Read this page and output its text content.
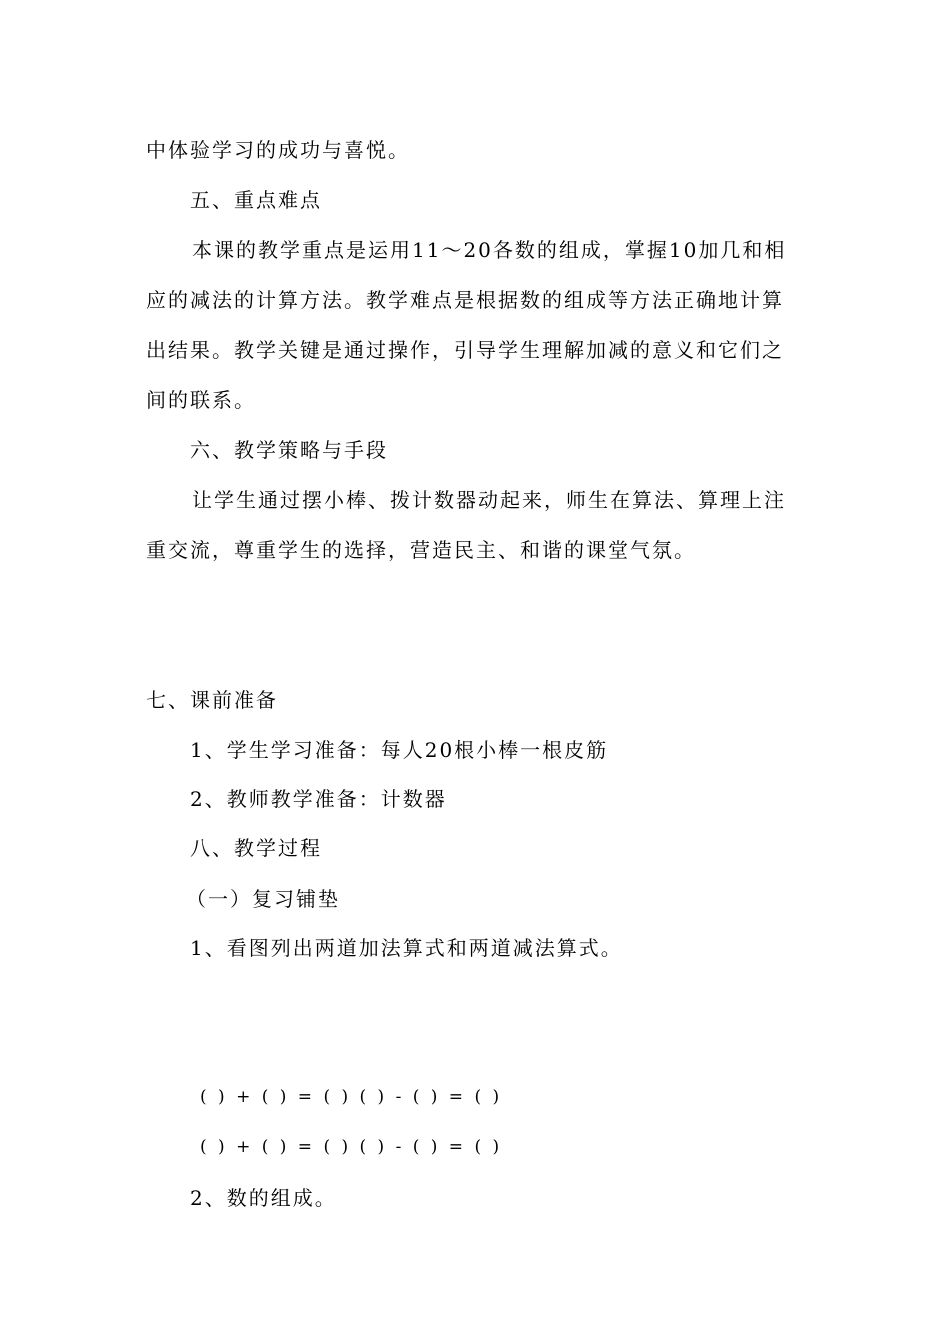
中体验学习的成功与喜悦。
五、重点难点
本课的教学重点是运用11～20各数的组成，掌握10加几和相
应的减法的计算方法。教学难点是根据数的组成等方法正确地计算
出结果。教学关键是通过操作，引导学生理解加减的意义和它们之
间的联系。
六、教学策略与手段
让学生通过摆小棒、拨计数器动起来，师生在算法、算理上注
重交流，尊重学生的选择，营造民主、和谐的课堂气氛。
七、课前准备
1、学生学习准备：每人20根小棒一根皮筋
2、教师教学准备：计数器
八、教学过程
（一）复习铺垫
1、看图列出两道加法算式和两道减法算式。
( ) + ( ) = ( ) ( ) - ( ) = ( )
( ) + ( ) = ( ) ( ) - ( ) = ( )
2、数的组成。
